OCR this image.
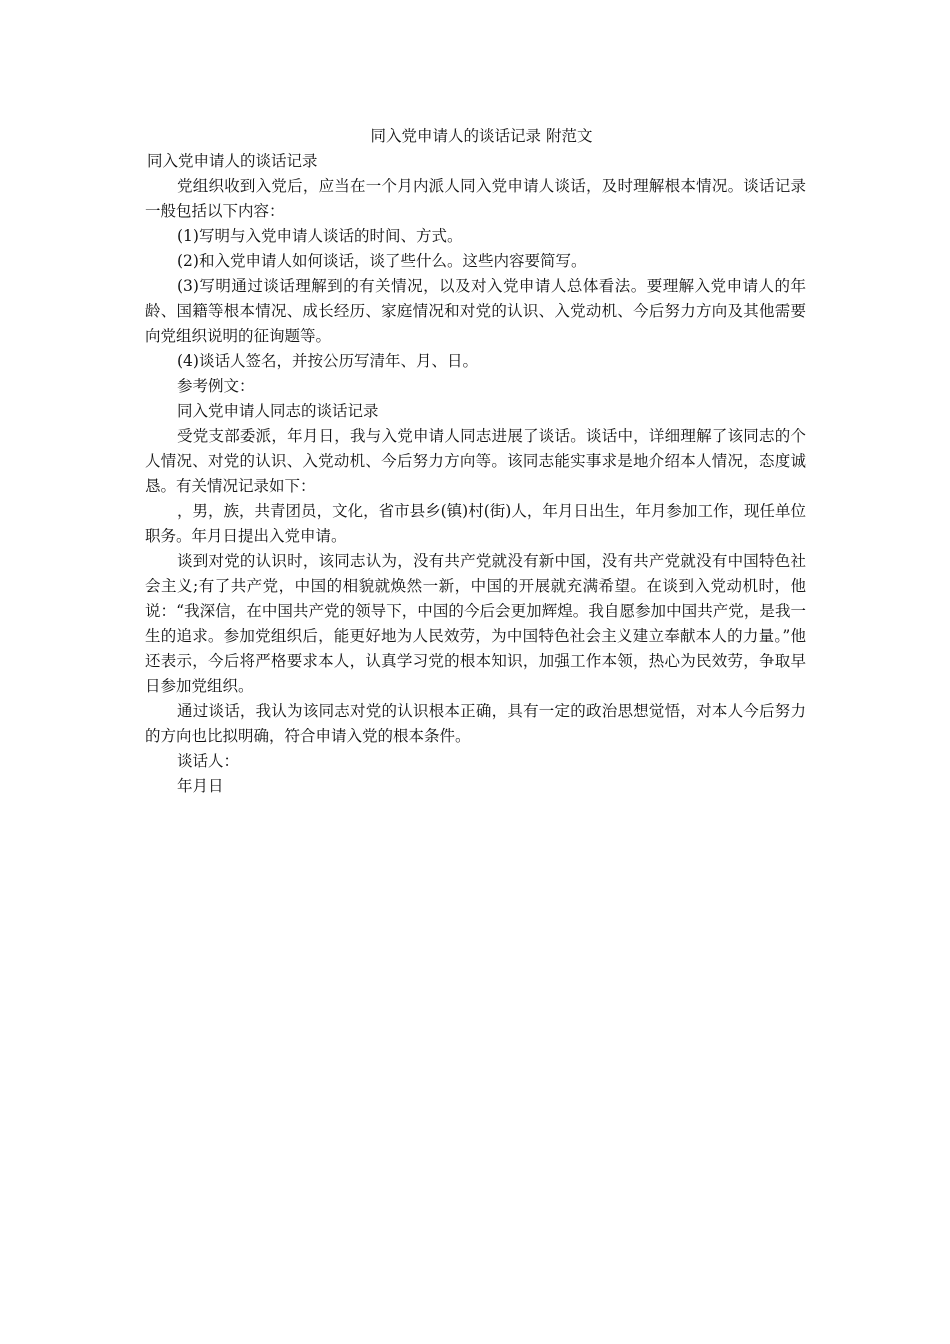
同入党申请人的谈话记录 附范文

同入党申请人的谈话记录

党组织收到入党后，应当在一个月内派人同入党申请人谈话，及时理解根本情况。谈话记录一般包括以下内容：

(1)写明与入党申请人谈话的时间、方式。

(2)和入党申请人如何谈话，谈了些什么。这些内容要简写。

(3)写明通过谈话理解到的有关情况，以及对入党申请人总体看法。要理解入党申请人的年龄、国籍等根本情况、成长经历、家庭情况和对党的认识、入党动机、今后努力方向及其他需要向党组织说明的征询题等。

(4)谈话人签名，并按公历写清年、月、日。

参考例文：

同入党申请人同志的谈话记录

受党支部委派，年月日，我与入党申请人同志进展了谈话。谈话中，详细理解了该同志的个人情况、对党的认识、入党动机、今后努力方向等。该同志能实事求是地介绍本人情况，态度诚恳。有关情况记录如下：

，男，族，共青团员，文化，省市县乡(镇)村(街)人，年月日出生，年月参加工作，现任单位职务。年月日提出入党申请。

谈到对党的认识时，该同志认为，没有共产党就没有新中国，没有共产党就没有中国特色社会主义;有了共产党，中国的相貌就焕然一新，中国的开展就充满希望。在谈到入党动机时，他说：“我深信，在中国共产党的领导下，中国的今后会更加辉煌。我自愿参加中国共产党，是我一生的追求。参加党组织后，能更好地为人民效劳，为中国特色社会主义建立奉献本人的力量。”他还表示，今后将严格要求本人，认真学习党的根本知识，加强工作本领，热心为民效劳，争取早日参加党组织。

通过谈话，我认为该同志对党的认识根本正确，具有一定的政治思想觉悟，对本人今后努力的方向也比拟明确，符合申请入党的根本条件。

谈话人：

年月日
